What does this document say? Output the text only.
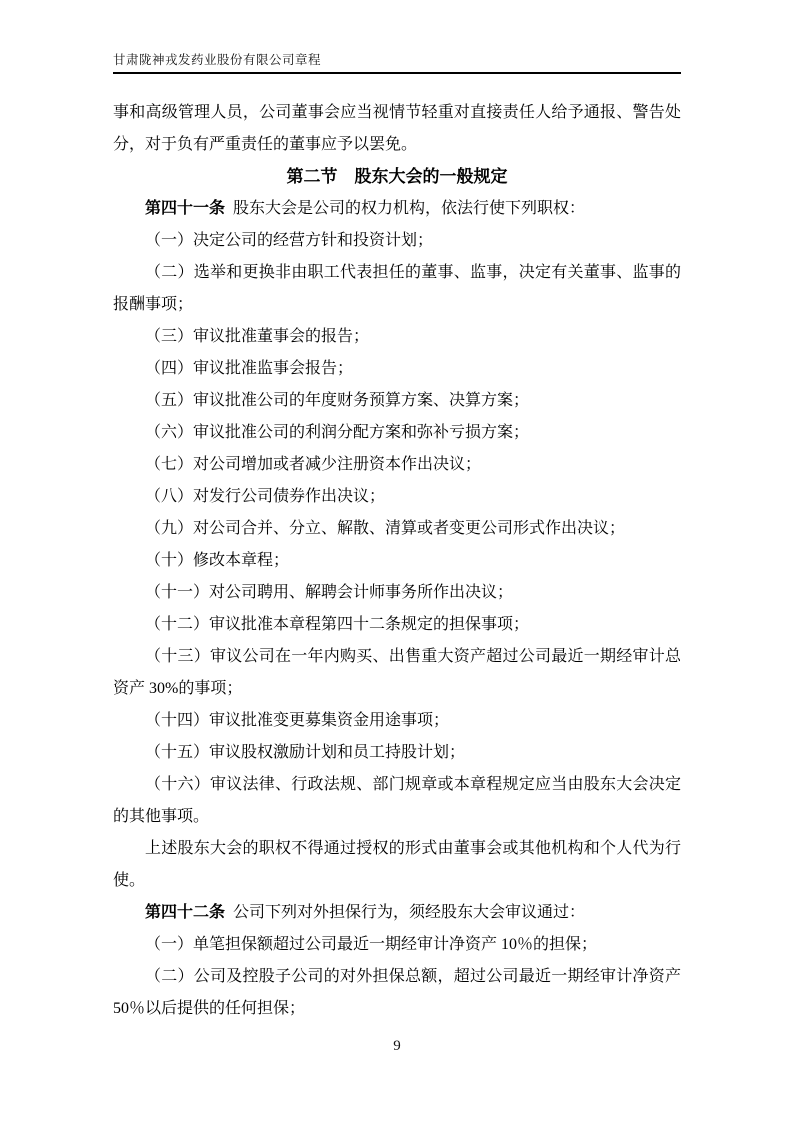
甘肃陇神戎发药业股份有限公司章程

事和高级管理人员，公司董事会应当视情节轻重对直接责任人给予通报、警告处分，对于负有严重责任的董事应予以罢免。

第二节　股东大会的一般规定

第四十一条 股东大会是公司的权力机构，依法行使下列职权：

（一）决定公司的经营方针和投资计划；

（二）选举和更换非由职工代表担任的董事、监事，决定有关董事、监事的报酬事项；

（三）审议批准董事会的报告；

（四）审议批准监事会报告；

（五）审议批准公司的年度财务预算方案、决算方案；

（六）审议批准公司的利润分配方案和弥补亏损方案；

（七）对公司增加或者减少注册资本作出决议；

（八）对发行公司债券作出决议；

（九）对公司合并、分立、解散、清算或者变更公司形式作出决议；

（十）修改本章程；

（十一）对公司聘用、解聘会计师事务所作出决议；

（十二）审议批准本章程第四十二条规定的担保事项；

（十三）审议公司在一年内购买、出售重大资产超过公司最近一期经审计总资产 30%的事项；

（十四）审议批准变更募集资金用途事项；

（十五）审议股权激励计划和员工持股计划；

（十六）审议法律、行政法规、部门规章或本章程规定应当由股东大会决定的其他事项。

上述股东大会的职权不得通过授权的形式由董事会或其他机构和个人代为行使。

第四十二条 公司下列对外担保行为，须经股东大会审议通过：

（一）单笔担保额超过公司最近一期经审计净资产 10％的担保；

（二）公司及控股子公司的对外担保总额，超过公司最近一期经审计净资产 50％以后提供的任何担保；

9
